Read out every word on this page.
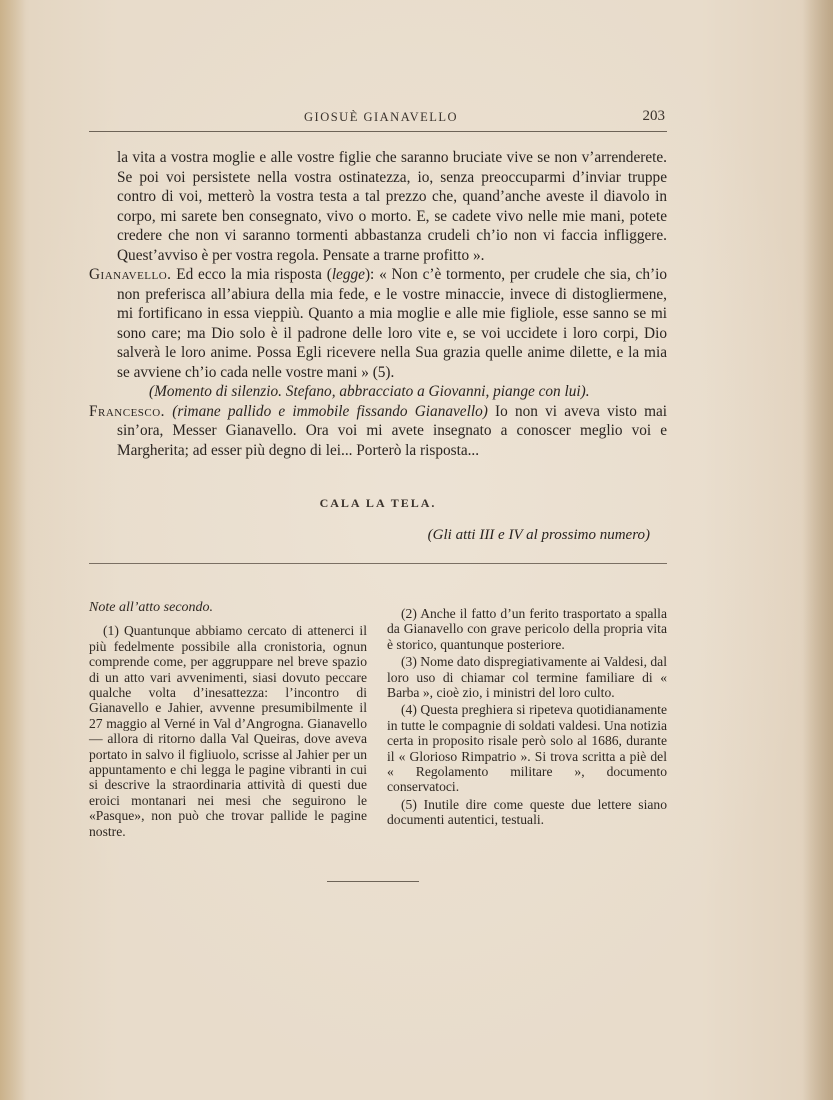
GIOSUÈ GIANAVELLO	203

la vita a vostra moglie e alle vostre figlie che saranno bruciate vive se non v’arrenderete. Se poi voi persistete nella vostra ostinatezza, io, senza preoccuparmi d’inviar truppe contro di voi, metterò la vostra testa a tal prezzo che, quand’anche aveste il diavolo in corpo, mi sarete ben consegnato, vivo o morto. E, se cadete vivo nelle mie mani, potete credere che non vi saranno tormenti abbastanza crudeli ch’io non vi faccia infliggere. Quest’avviso è per vostra regola. Pensate a trarne profitto ».

Gianavello. Ed ecco la mia risposta (legge): « Non c’è tormento, per crudele che sia, ch’io non preferisca all’abiura della mia fede, e le vostre minaccie, invece di distogliermene, mi fortificano in essa vieppiù. Quanto a mia moglie e alle mie figliole, esse sanno se mi sono care; ma Dio solo è il padrone delle loro vite e, se voi uccidete i loro corpi, Dio salverà le loro anime. Possa Egli ricevere nella Sua grazia quelle anime dilette, e la mia se avviene ch’io cada nelle vostre mani » (5).

(Momento di silenzio. Stefano, abbracciato a Giovanni, piange con lui).

Francesco. (rimane pallido e immobile fissando Gianavello) Io non vi aveva visto mai sin’ora, Messer Gianavello. Ora voi mi avete insegnato a conoscer meglio voi e Margherita; ad esser più degno di lei... Porterò la risposta...

CALA LA TELA.
(Gli atti III e IV al prossimo numero)

Note all’atto secondo.

(1) Quantunque abbiamo cercato di attenerci il più fedelmente possibile alla cronistoria, ognun comprende come, per aggruppare nel breve spazio di un atto vari avvenimenti, siasi dovuto peccare qualche volta d’inesattezza: l’incontro di Gianavello e Jahier, avvenne presumibilmente il 27 maggio al Verné in Val d’Angrogna. Gianavello — allora di ritorno dalla Val Queiras, dove aveva portato in salvo il figliuolo, scrisse al Jahier per un appuntamento e chi legga le pagine vibranti in cui si descrive la straordinaria attività di questi due eroici montanari nei mesi che seguirono le «Pasque», non può che trovar pallide le pagine nostre.

(2) Anche il fatto d’un ferito trasportato a spalla da Gianavello con grave pericolo della propria vita è storico, quantunque posteriore.

(3) Nome dato dispregiativamente ai Valdesi, dal loro uso di chiamar col termine familiare di « Barba », cioè zio, i ministri del loro culto.

(4) Questa preghiera si ripeteva quotidianamente in tutte le compagnie di soldati valdesi. Una notizia certa in proposito risale però solo al 1686, durante il « Glorioso Rimpatrio ». Si trova scritta a piè del « Regolamento militare », documento conservatoci.

(5) Inutile dire come queste due lettere siano documenti autentici, testuali.
